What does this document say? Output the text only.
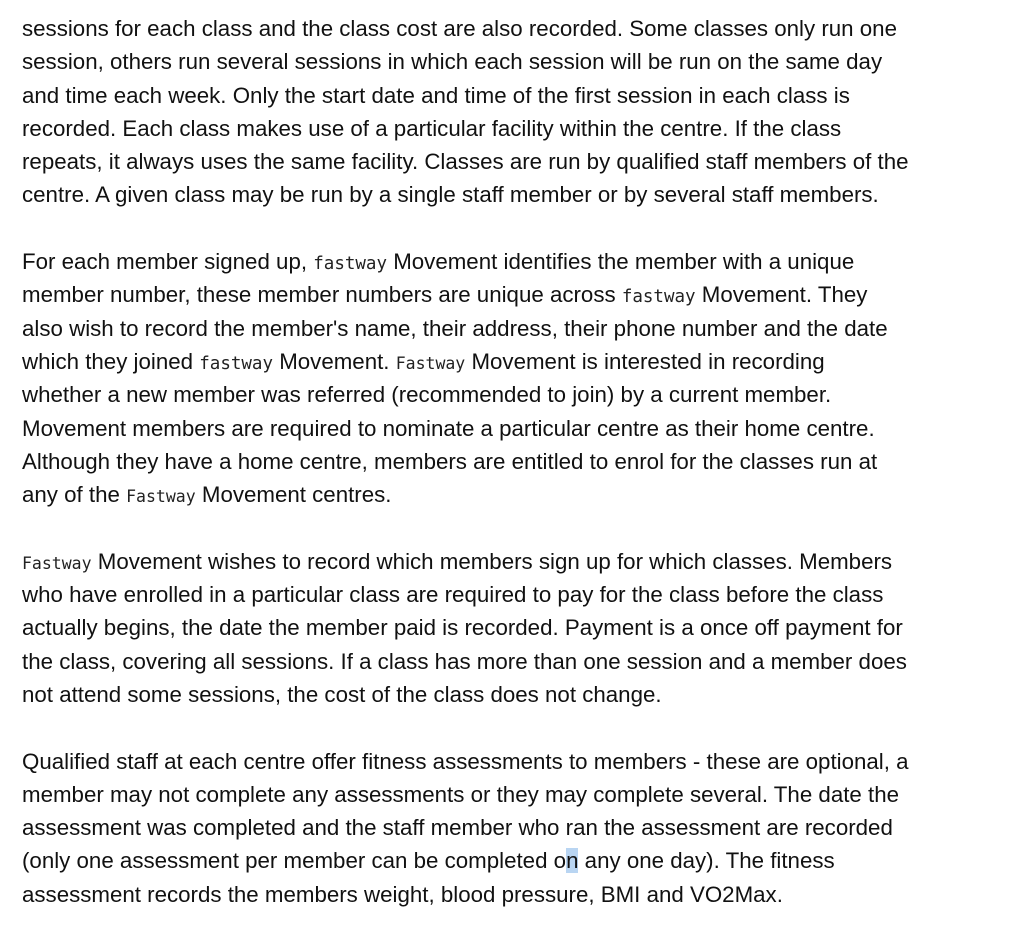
sessions for each class and the class cost are also recorded. Some classes only run one
session, others run several sessions in which each session will be run on the same day
and time each week. Only the start date and time of the first session in each class is
recorded. Each class makes use of a particular facility within the centre. If the class
repeats, it always uses the same facility. Classes are run by qualified staff members of the
centre. A given class may be run by a single staff member or by several staff members.
For each member signed up, fastway Movement identifies the member with a unique
member number, these member numbers are unique across fastway Movement. They
also wish to record the member's name, their address, their phone number and the date
which they joined fastway Movement. Fastway Movement is interested in recording
whether a new member was referred (recommended to join) by a current member.
Movement members are required to nominate a particular centre as their home centre.
Although they have a home centre, members are entitled to enrol for the classes run at
any of the Fastway Movement centres.
Fastway Movement wishes to record which members sign up for which classes. Members
who have enrolled in a particular class are required to pay for the class before the class
actually begins, the date the member paid is recorded. Payment is a once off payment for
the class, covering all sessions. If a class has more than one session and a member does
not attend some sessions, the cost of the class does not change.
Qualified staff at each centre offer fitness assessments to members - these are optional, a
member may not complete any assessments or they may complete several. The date the
assessment was completed and the staff member who ran the assessment are recorded
(only one assessment per member can be completed on any one day). The fitness
assessment records the members weight, blood pressure, BMI and VO2Max.
